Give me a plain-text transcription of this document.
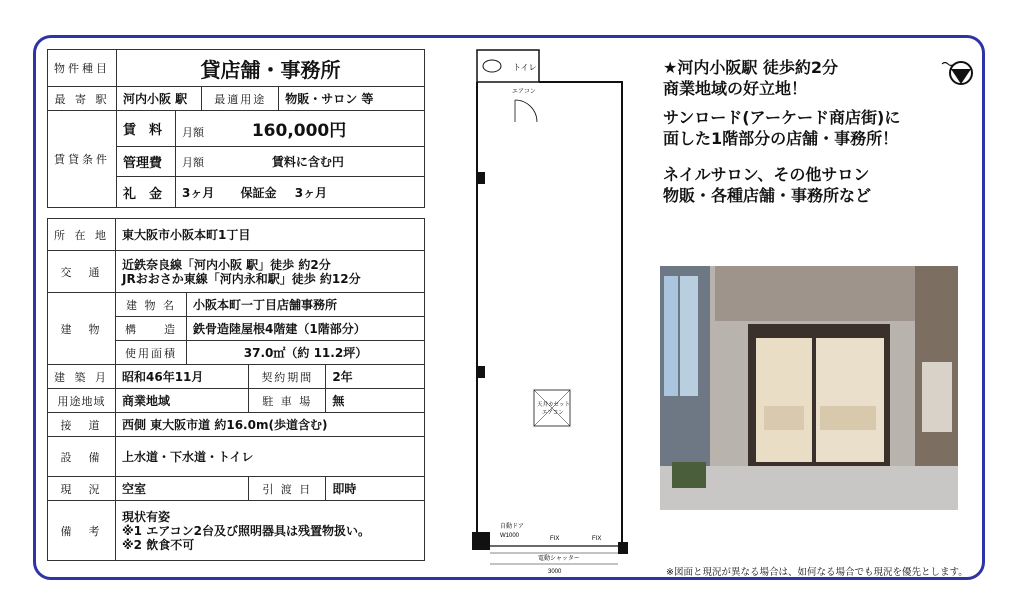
物件種目	貸店舗・事務所			
最 寄 駅	河内小阪 駅		最適用途	物販・サロン 等
賃貸条件	賃　料	月額 160,000円		
	管理費	月額 賃料に含む円		
	礼　金	3ヶ月 保証金 3ヶ月		
所 在 地	東大阪市小阪本町1丁目			
交　通	近鉄奈良線「河内小阪 駅」徒歩 約2分
JRおおさか東線「河内永和駅」徒歩 約12分			

建　物	建 物 名	小阪本町一丁目店舗事務所		
	構　　造	鉄骨造陸屋根4階建（1階部分）		
	使用面積	37.0㎡（約 11.2坪）		
建 築 月	昭和46年11月		契約期間	2年
用途地域	商業地域		駐 車 場	無
接　道	西側 東大阪市道 約16.0m(歩道含む)			
設　備	上水道・下水道・トイレ			
現　況	空室		引 渡 日	即時
備　考	現状有姿
※1 エアコン2台及び照明器具は残置物扱い。
※2 飲食不可			
トイレ
エアコン
天井カセット
エアコン
自動ドア
W1000	FIX	FIX
電動シャッター
3000
★河内小阪駅 徒歩約2分
商業地域の好立地！
サンロード(アーケード商店街)に
面した1階部分の店舗・事務所！
ネイルサロン、その他サロン
物販・各種店舗・事務所など
※図面と現況が異なる場合は、如何なる場合でも現況を優先とします。
